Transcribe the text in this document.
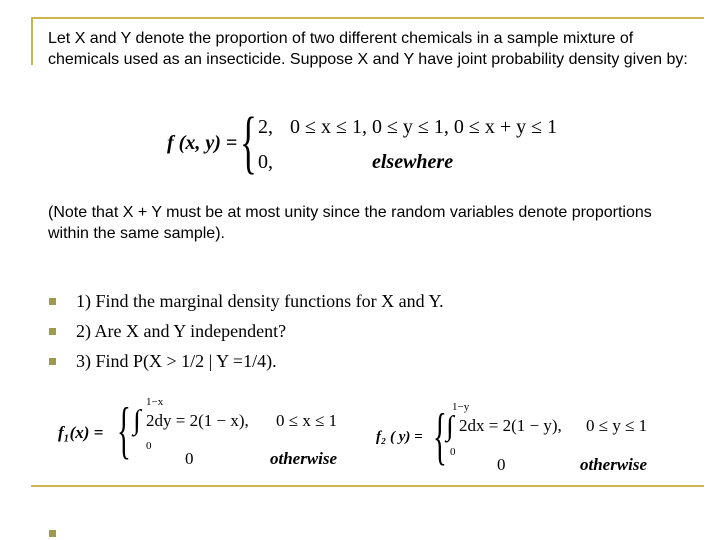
Let X and Y denote the proportion of two different chemicals in a sample mixture of chemicals used as an insecticide. Suppose X and Y have joint probability density given by:

f (x, y) = { 2, 0 ≤ x ≤ 1, 0 ≤ y ≤ 1, 0 ≤ x + y ≤ 1
0,	elsewhere

(Note that X + Y must be at most unity since the random variables denote proportions within the same sample).

1) Find the marginal density functions for X and Y.
2) Are X and Y independent?
3) Find P(X > 1/2 | Y =1/4).
f₁(x) = { 1−x
∫
0
2dy = 2(1 − x), 0 ≤ x ≤ 1
0	otherwise
f₂ ( y) = { 1−y
∫
0
2dx = 2(1 − y), 0 ≤ y ≤ 1
0	otherwise
